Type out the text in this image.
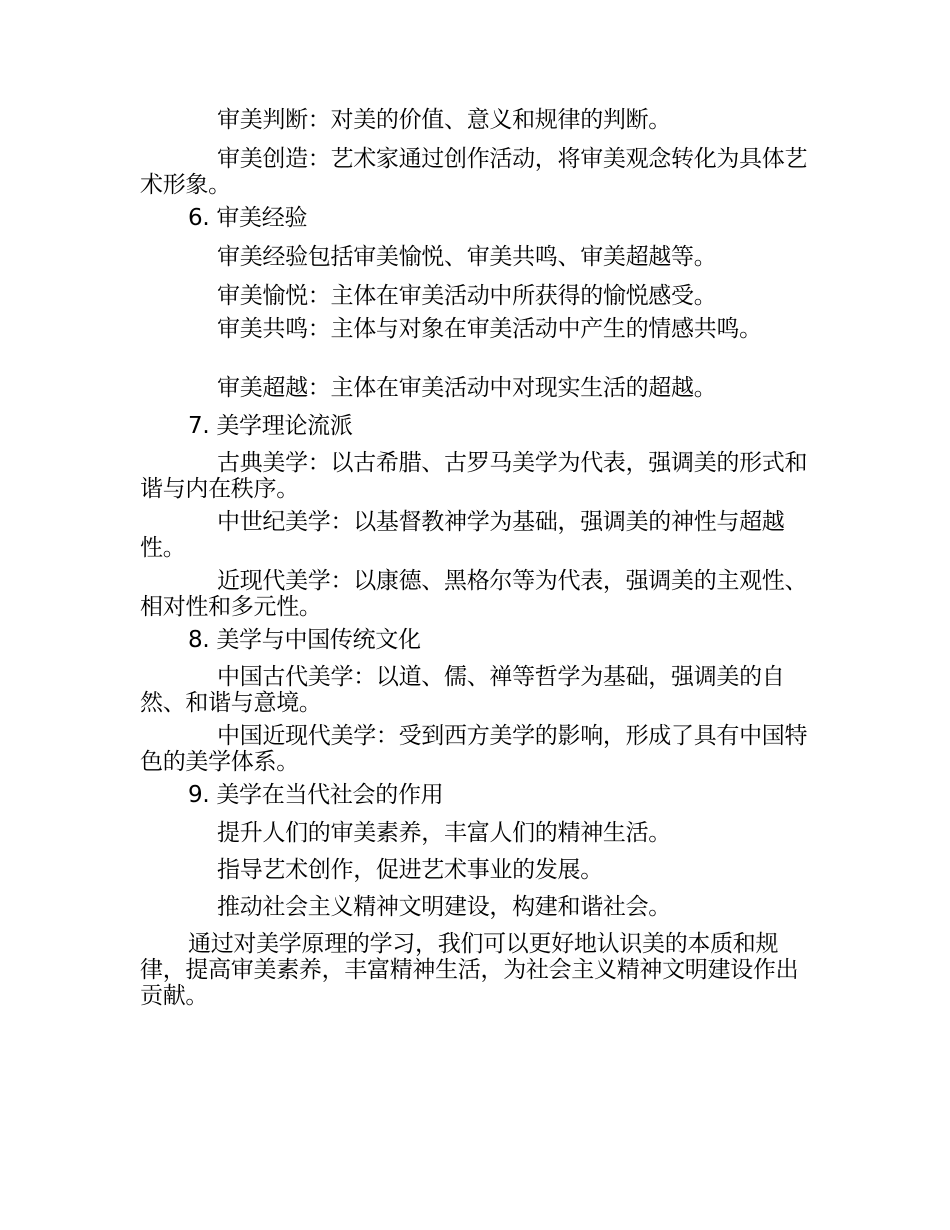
审美判断：对美的价值、意义和规律的判断。

审美创造：艺术家通过创作活动，将审美观念转化为具体艺术形象。

6. 审美经验

审美经验包括审美愉悦、审美共鸣、审美超越等。

审美愉悦：主体在审美活动中所获得的愉悦感受。

审美共鸣：主体与对象在审美活动中产生的情感共鸣。

审美超越：主体在审美活动中对现实生活的超越。

7. 美学理论流派

古典美学：以古希腊、古罗马美学为代表，强调美的形式和谐与内在秩序。

中世纪美学：以基督教神学为基础，强调美的神性与超越性。

近现代美学：以康德、黑格尔等为代表，强调美的主观性、相对性和多元性。

8. 美学与中国传统文化

中国古代美学：以道、儒、禅等哲学为基础，强调美的自然、和谐与意境。

中国近现代美学：受到西方美学的影响，形成了具有中国特色的美学体系。

9. 美学在当代社会的作用

提升人们的审美素养，丰富人们的精神生活。

指导艺术创作，促进艺术事业的发展。

推动社会主义精神文明建设，构建和谐社会。

通过对美学原理的学习，我们可以更好地认识美的本质和规律，提高审美素养，丰富精神生活，为社会主义精神文明建设作出贡献。
